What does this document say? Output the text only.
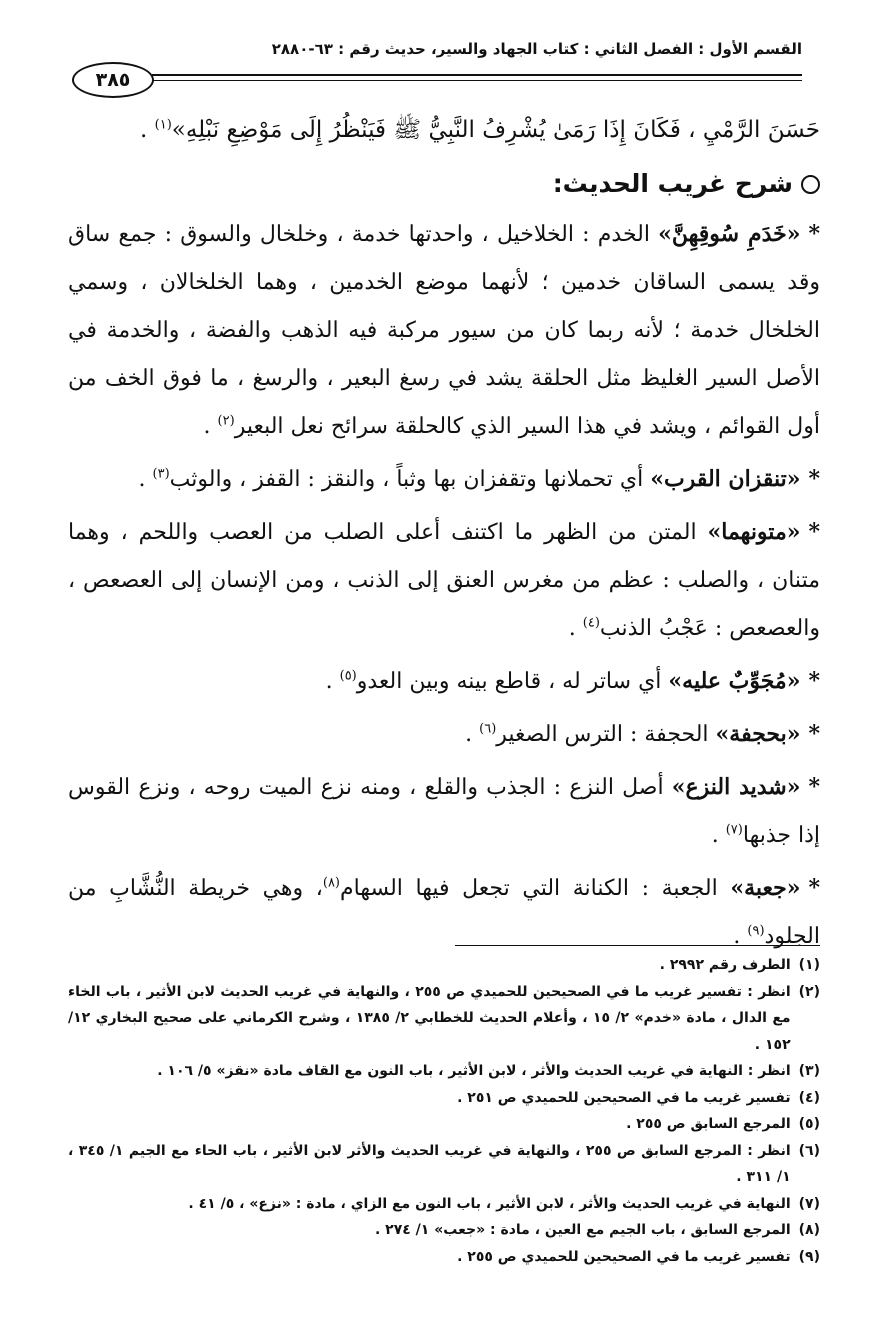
القسم الأول : الفصل الثاني : كتاب الجهاد والسير، حديث رقم : ٦٣-٢٨٨٠
٣٨٥

حَسَنَ الرَّمْيِ ، فَكَانَ إِذَا رَمَىٰ يُشْرِفُ النَّبِيُّ ﷺ فَيَنْظُرُ إِلَى مَوْضِعِ نَبْلِهِ»$^{(١)}$ .

شرح غريب الحديث:

*«خَدَمِ سُوقِهِنَّ» الخدم : الخلاخيل ، واحدتها خدمة ، وخلخال والسوق : جمع ساق وقد يسمى الساقان خدمين ؛ لأنهما موضع الخدمين ، وهما الخلخالان ، وسمي الخلخال خدمة ؛ لأنه ربما كان من سيور مركبة فيه الذهب والفضة ، والخدمة في الأصل السير الغليظ مثل الحلقة يشد في رسغ البعير ، والرسغ ، ما فوق الخف من أول القوائم ، ويشد في هذا السير الذي كالحلقة سرائح نعل البعير$^{(٢)}$ .

*«تنقزان القرب» أي تحملانها وتقفزان بها وثباً ، والنقز : القفز ، والوثب$^{(٣)}$ .

*«متونهما» المتن من الظهر ما اكتنف أعلى الصلب من العصب واللحم ، وهما متنان ، والصلب : عظم من مغرس العنق إلى الذنب ، ومن الإنسان إلى العصعص ، والعصعص : عَجْبُ الذنب$^{(٤)}$ .

*«مُجَوِّبٌ عليه» أي ساتر له ، قاطع بينه وبين العدو$^{(٥)}$ .

*«بحجفة» الحجفة : الترس الصغير$^{(٦)}$ .

*«شديد النزع» أصل النزع : الجذب والقلع ، ومنه نزع الميت روحه ، ونزع القوس إذا جذبها$^{(٧)}$ .

*«جعبة» الجعبة : الكنانة التي تجعل فيها السهام$^{(٨)}$، وهي خريطة النُّشَّابِ من الجلود$^{(٩)}$ .

(١)
الطرف رقم ٢٩٩٢ .
(٢)
انظر : تفسير غريب ما في الصحيحين للحميدي ص ٢٥٥ ، والنهاية في غريب الحديث لابن الأثير ، باب الخاء مع الدال ، مادة «خدم» ٢/ ١٥ ، وأعلام الحديث للخطابي ٢/ ١٣٨٥ ، وشرح الكرماني على صحيح البخاري ١٢/ ١٥٢ .
(٣)
انظر : النهاية في غريب الحديث والأثر ، لابن الأثير ، باب النون مع القاف مادة «نقز» ٥/ ١٠٦ .
(٤)
تفسير غريب ما في الصحيحين للحميدي ص ٢٥١ .
(٥)
المرجع السابق ص ٢٥٥ .
(٦)
انظر : المرجع السابق ص ٢٥٥ ، والنهاية في غريب الحديث والأثر لابن الأثير ، باب الحاء مع الجيم ١/ ٣٤٥ ، ١/ ٣١١ .
(٧)
النهاية في غريب الحديث والأثر ، لابن الأثير ، باب النون مع الزاي ، مادة : «نزع» ، ٥/ ٤١ .
(٨)
المرجع السابق ، باب الجيم مع العين ، مادة : «جعب» ١/ ٢٧٤ .
(٩)
تفسير غريب ما في الصحيحين للحميدي ص ٢٥٥ .
